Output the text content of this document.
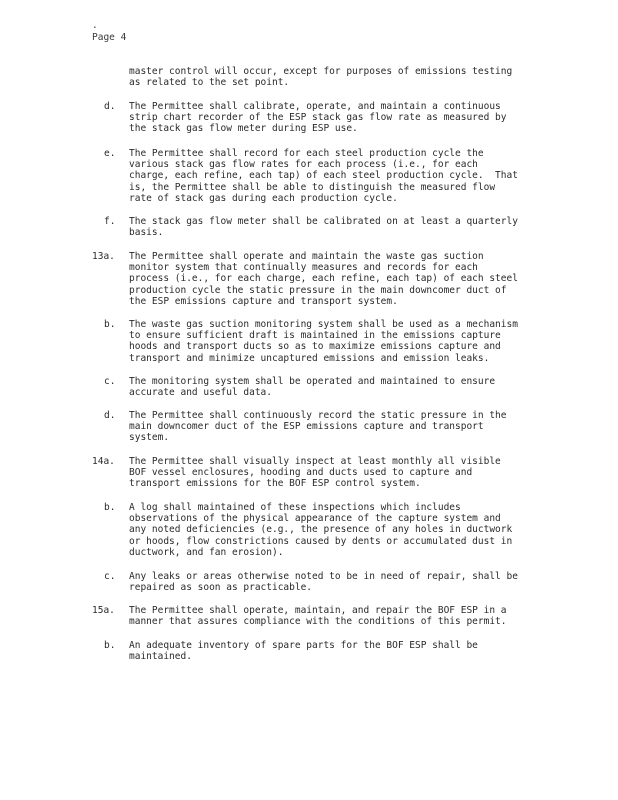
.
Page 4
master control will occur, except for purposes of emissions testing
as related to the set point.
d. The Permittee shall calibrate, operate, and maintain a continuous
strip chart recorder of the ESP stack gas flow rate as measured by
the stack gas flow meter during ESP use.
e. The Permittee shall record for each steel production cycle the
various stack gas flow rates for each process (i.e., for each
charge, each refine, each tap) of each steel production cycle.  That
is, the Permittee shall be able to distinguish the measured flow
rate of stack gas during each production cycle.
f. The stack gas flow meter shall be calibrated on at least a quarterly
basis.
13a. The Permittee shall operate and maintain the waste gas suction
monitor system that continually measures and records for each
process (i.e., for each charge, each refine, each tap) of each steel
production cycle the static pressure in the main downcomer duct of
the ESP emissions capture and transport system.
b. The waste gas suction monitoring system shall be used as a mechanism
to ensure sufficient draft is maintained in the emissions capture
hoods and transport ducts so as to maximize emissions capture and
transport and minimize uncaptured emissions and emission leaks.
c. The monitoring system shall be operated and maintained to ensure
accurate and useful data.
d. The Permittee shall continuously record the static pressure in the
main downcomer duct of the ESP emissions capture and transport
system.
14a. The Permittee shall visually inspect at least monthly all visible
BOF vessel enclosures, hooding and ducts used to capture and
transport emissions for the BOF ESP control system.
b. A log shall maintained of these inspections which includes
observations of the physical appearance of the capture system and
any noted deficiencies (e.g., the presence of any holes in ductwork
or hoods, flow constrictions caused by dents or accumulated dust in
ductwork, and fan erosion).
c. Any leaks or areas otherwise noted to be in need of repair, shall be
repaired as soon as practicable.
15a. The Permittee shall operate, maintain, and repair the BOF ESP in a
manner that assures compliance with the conditions of this permit.
b. An adequate inventory of spare parts for the BOF ESP shall be
maintained.
